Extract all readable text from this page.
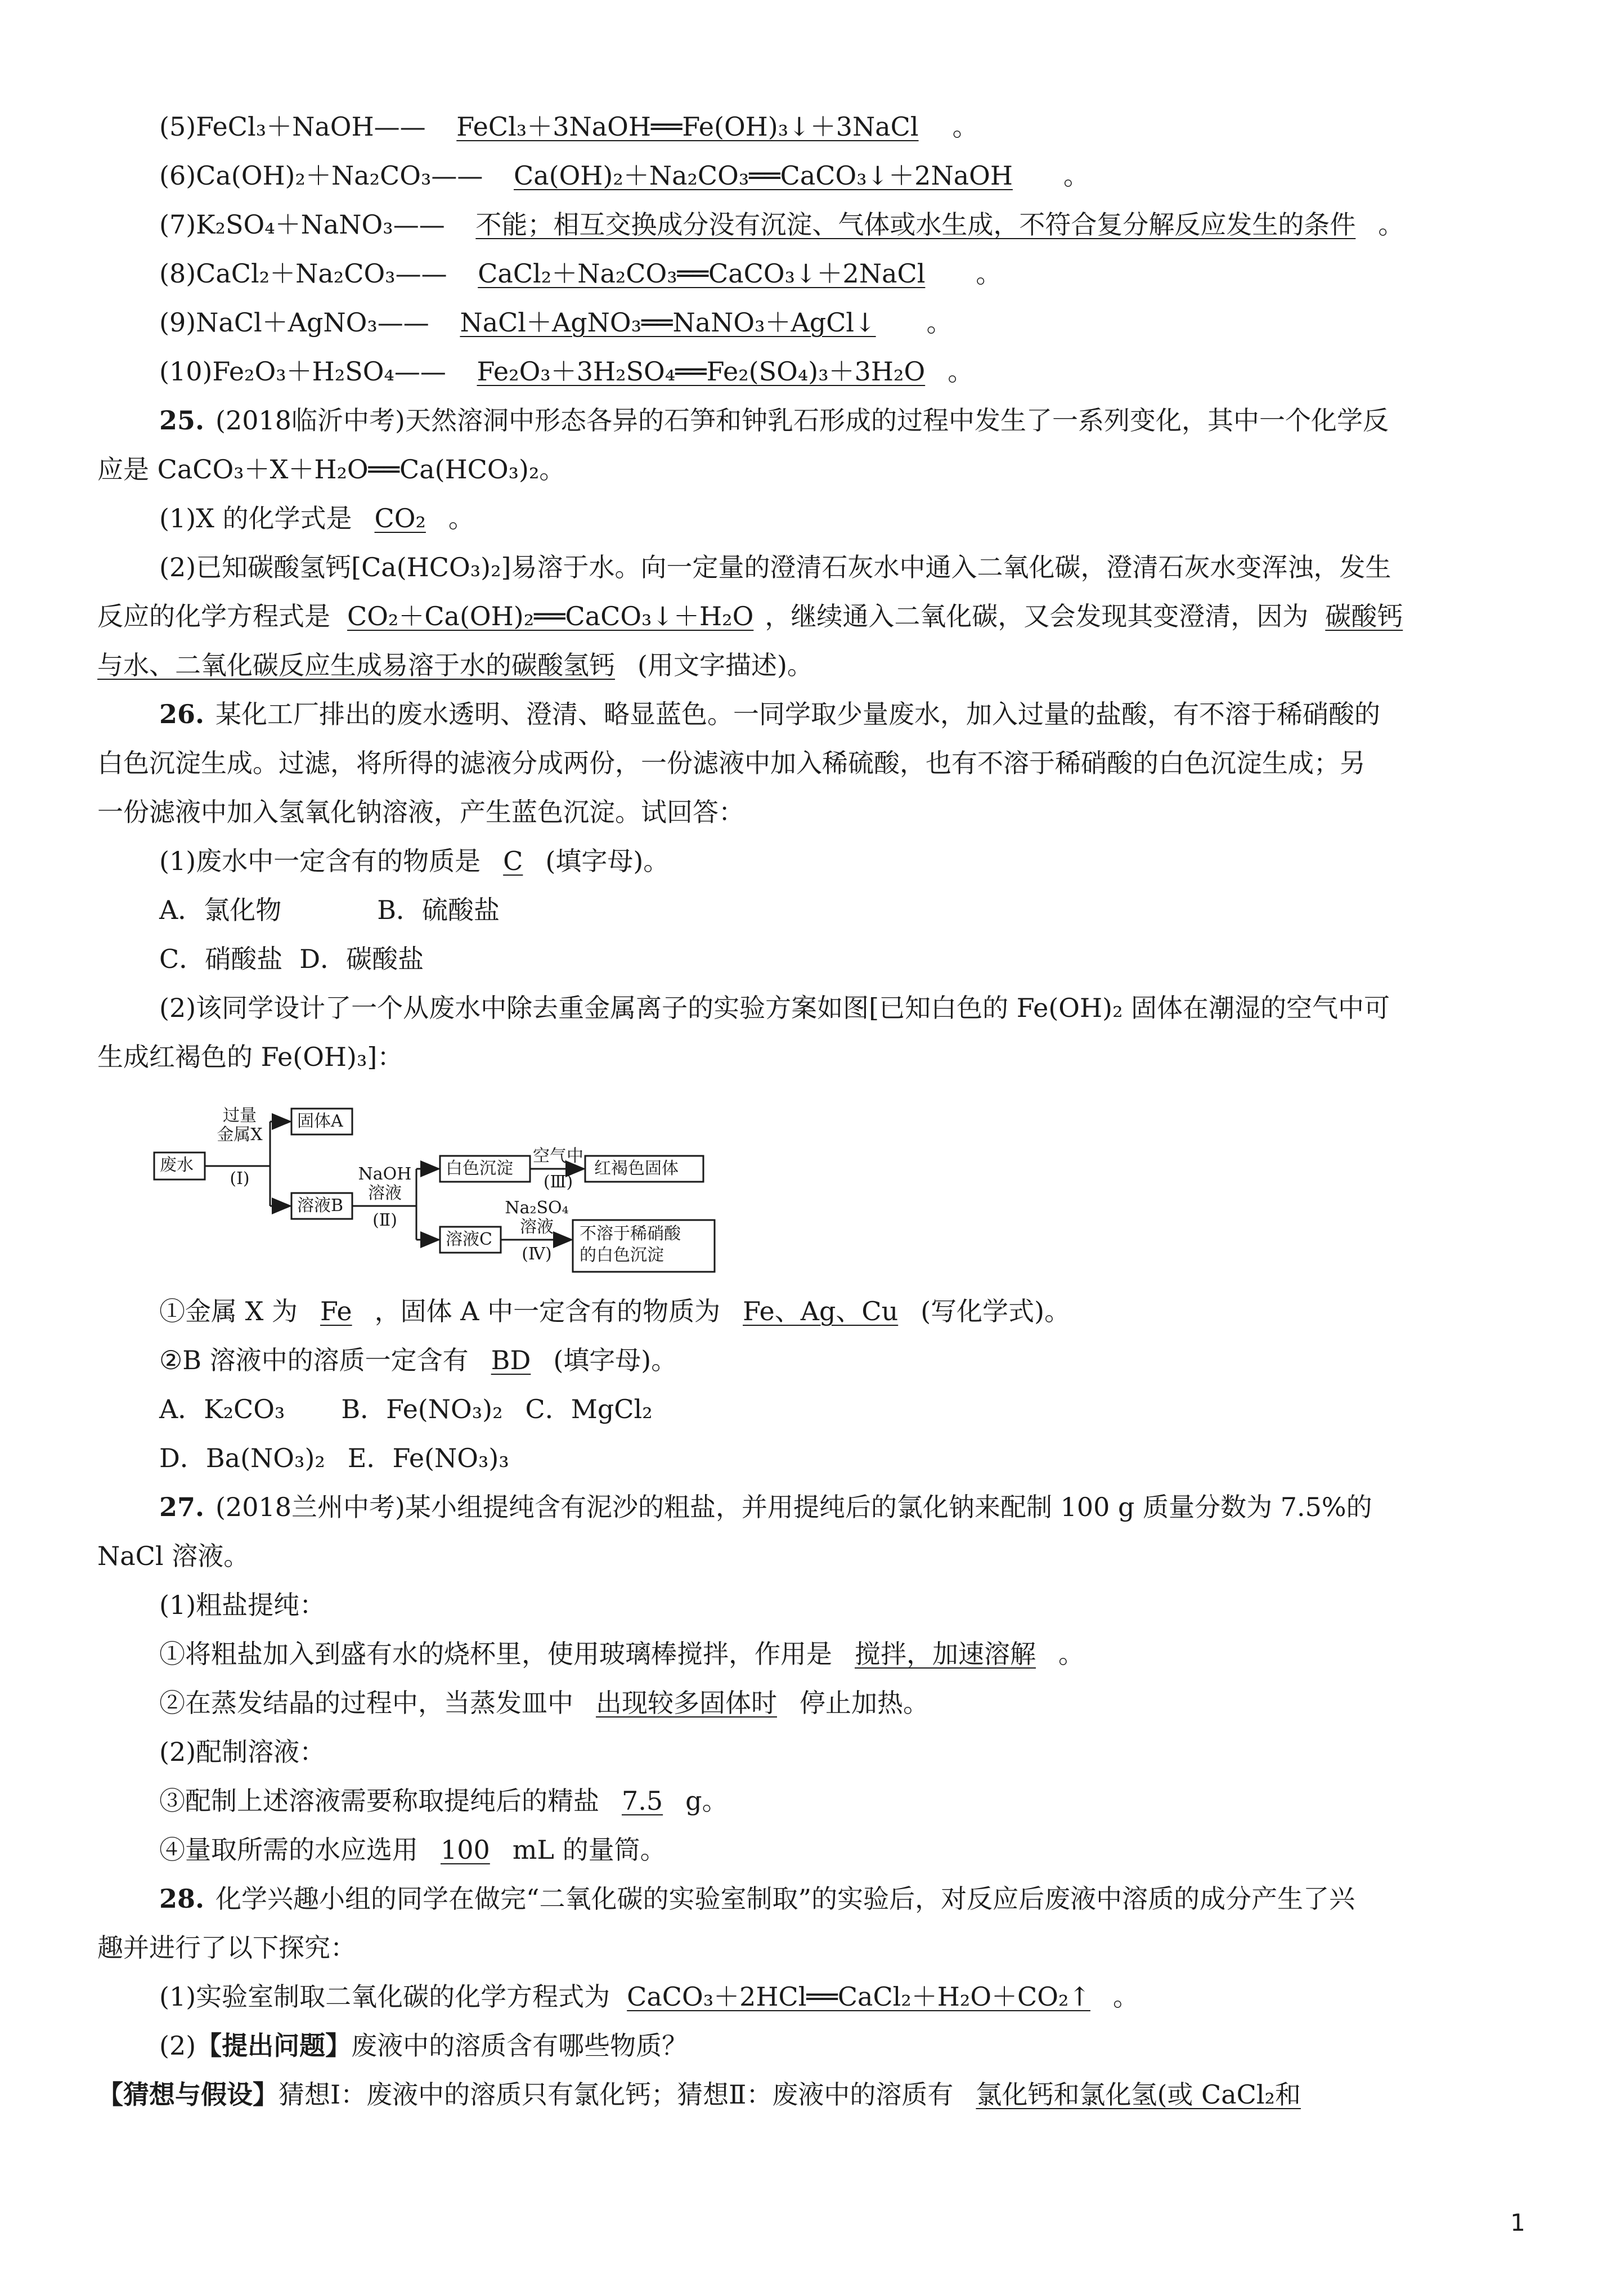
(5)FeCl₃＋NaOH—— FeCl₃＋3NaOH══Fe(OH)₃↓＋3NaCl 。
(6)Ca(OH)₂＋Na₂CO₃—— Ca(OH)₂＋Na₂CO₃══CaCO₃↓＋2NaOH 。
(7)K₂SO₄＋NaNO₃—— 不能；相互交换成分没有沉淀、气体或水生成，不符合复分解反应发生的条件 。
(8)CaCl₂＋Na₂CO₃—— CaCl₂＋Na₂CO₃══CaCO₃↓＋2NaCl 。
(9)NaCl＋AgNO₃—— NaCl＋AgNO₃══NaNO₃＋AgCl↓ 。
(10)Fe₂O₃＋H₂SO₄—— Fe₂O₃＋3H₂SO₄══Fe₂(SO₄)₃＋3H₂O 。
25. (2018临沂中考)天然溶洞中形态各异的石笋和钟乳石形成的过程中发生了一系列变化，其中一个化学反
应是 CaCO₃＋X＋H₂O══Ca(HCO₃)₂。
(1)X 的化学式是 CO₂ 。
(2)已知碳酸氢钙[Ca(HCO₃)₂]易溶于水。向一定量的澄清石灰水中通入二氧化碳，澄清石灰水变浑浊，发生
反应的化学方程式是 CO₂＋Ca(OH)₂══CaCO₃↓＋H₂O ，继续通入二氧化碳，又会发现其变澄清，因为 碳酸钙
与水、二氧化碳反应生成易溶于水的碳酸氢钙 (用文字描述)。
26. 某化工厂排出的废水透明、澄清、略显蓝色。一同学取少量废水，加入过量的盐酸，有不溶于稀硝酸的
白色沉淀生成。过滤，将所得的滤液分成两份，一份滤液中加入稀硫酸，也有不溶于稀硝酸的白色沉淀生成；另
一份滤液中加入氢氧化钠溶液，产生蓝色沉淀。试回答：
(1)废水中一定含有的物质是 C (填字母)。
A．氯化物	B．硫酸盐
C．硝酸盐 D．碳酸盐
(2)该同学设计了一个从废水中除去重金属离子的实验方案如图[已知白色的 Fe(OH)₂ 固体在潮湿的空气中可
生成红褐色的 Fe(OH)₃]：
废水
过量
金属X
(Ⅰ)
固体A
溶液B
NaOH
溶液
(Ⅱ)
白色沉淀
空气中
(Ⅲ)
红褐色固体
溶液C
Na₂SO₄
溶液
(Ⅳ)
不溶于稀硝酸
的白色沉淀
①金属 X 为 Fe ，固体 A 中一定含有的物质为 Fe、Ag、Cu (写化学式)。
②B 溶液中的溶质一定含有 BD (填字母)。
A．K₂CO₃ B．Fe(NO₃)₂ C．MgCl₂
D．Ba(NO₃)₂ E．Fe(NO₃)₃
27. (2018兰州中考)某小组提纯含有泥沙的粗盐，并用提纯后的氯化钠来配制 100 g 质量分数为 7.5%的
NaCl 溶液。
(1)粗盐提纯：
①将粗盐加入到盛有水的烧杯里，使用玻璃棒搅拌，作用是 搅拌，加速溶解 。
②在蒸发结晶的过程中，当蒸发皿中 出现较多固体时 停止加热。
(2)配制溶液：
③配制上述溶液需要称取提纯后的精盐 7.5 g。
④量取所需的水应选用 100 mL 的量筒。
28. 化学兴趣小组的同学在做完“二氧化碳的实验室制取”的实验后，对反应后废液中溶质的成分产生了兴
趣并进行了以下探究：
(1)实验室制取二氧化碳的化学方程式为 CaCO₃＋2HCl══CaCl₂＋H₂O＋CO₂↑ 。
(2)【提出问题】废液中的溶质含有哪些物质？
【猜想与假设】猜想Ⅰ：废液中的溶质只有氯化钙；猜想Ⅱ：废液中的溶质有 氯化钙和氯化氢(或 CaCl₂和
1
